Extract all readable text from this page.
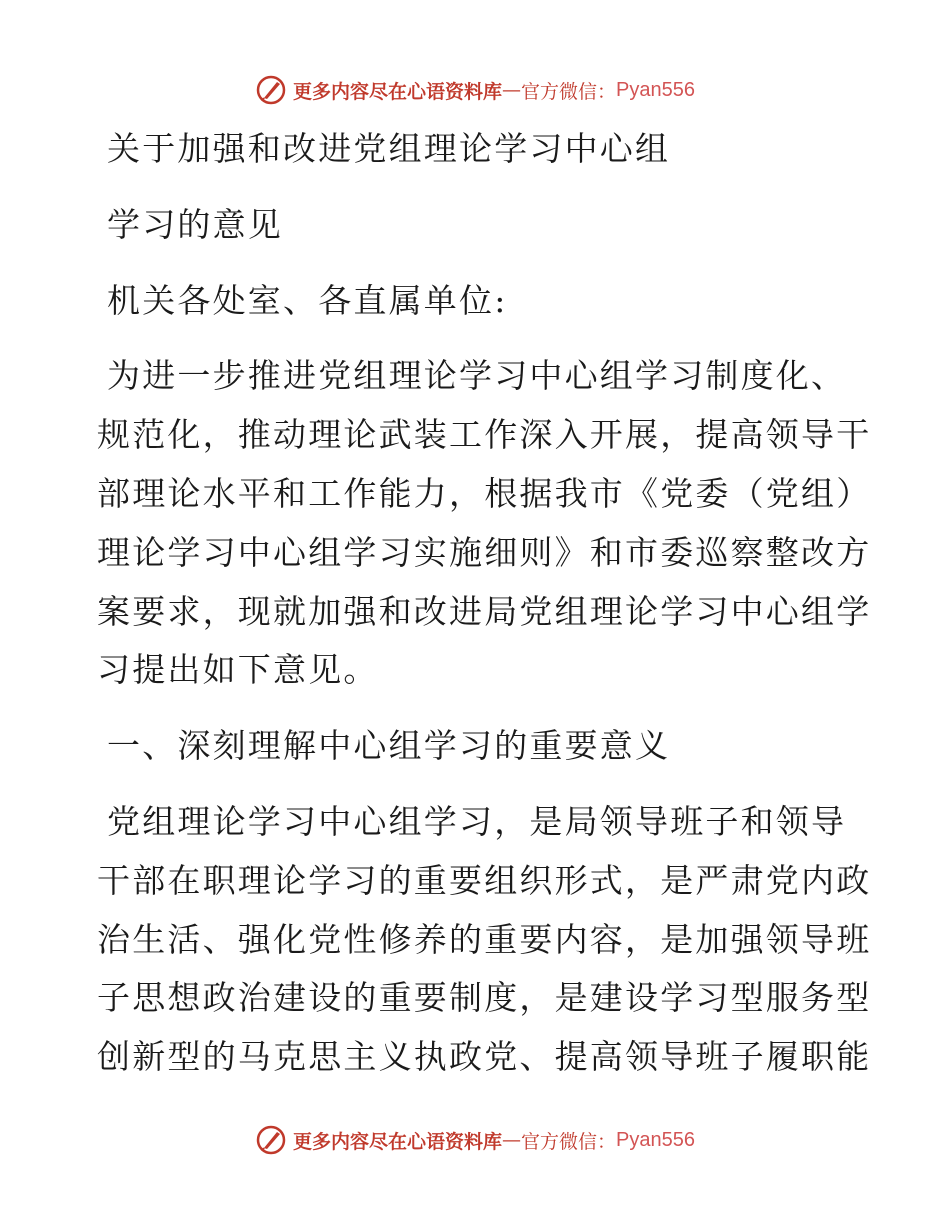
更多内容尽在心语资料库 — 官方微信： Pyan556
关于加强和改进党组理论学习中心组
学习的意见
机关各处室、各直属单位:
为进一步推进党组理论学习中心组学习制度化、
规范化，推动理论武装工作深入开展，提高领导干
部理论水平和工作能力，根据我市《党委（党组）
理论学习中心组学习实施细则》和市委巡察整改方
案要求，现就加强和改进局党组理论学习中心组学
习提出如下意见。
一、深刻理解中心组学习的重要意义
党组理论学习中心组学习，是局领导班子和领导
干部在职理论学习的重要组织形式，是严肃党内政
治生活、强化党性修养的重要内容，是加强领导班
子思想政治建设的重要制度，是建设学习型服务型
创新型的马克思主义执政党、提高领导班子履职能
更多内容尽在心语资料库 — 官方微信： Pyan556
